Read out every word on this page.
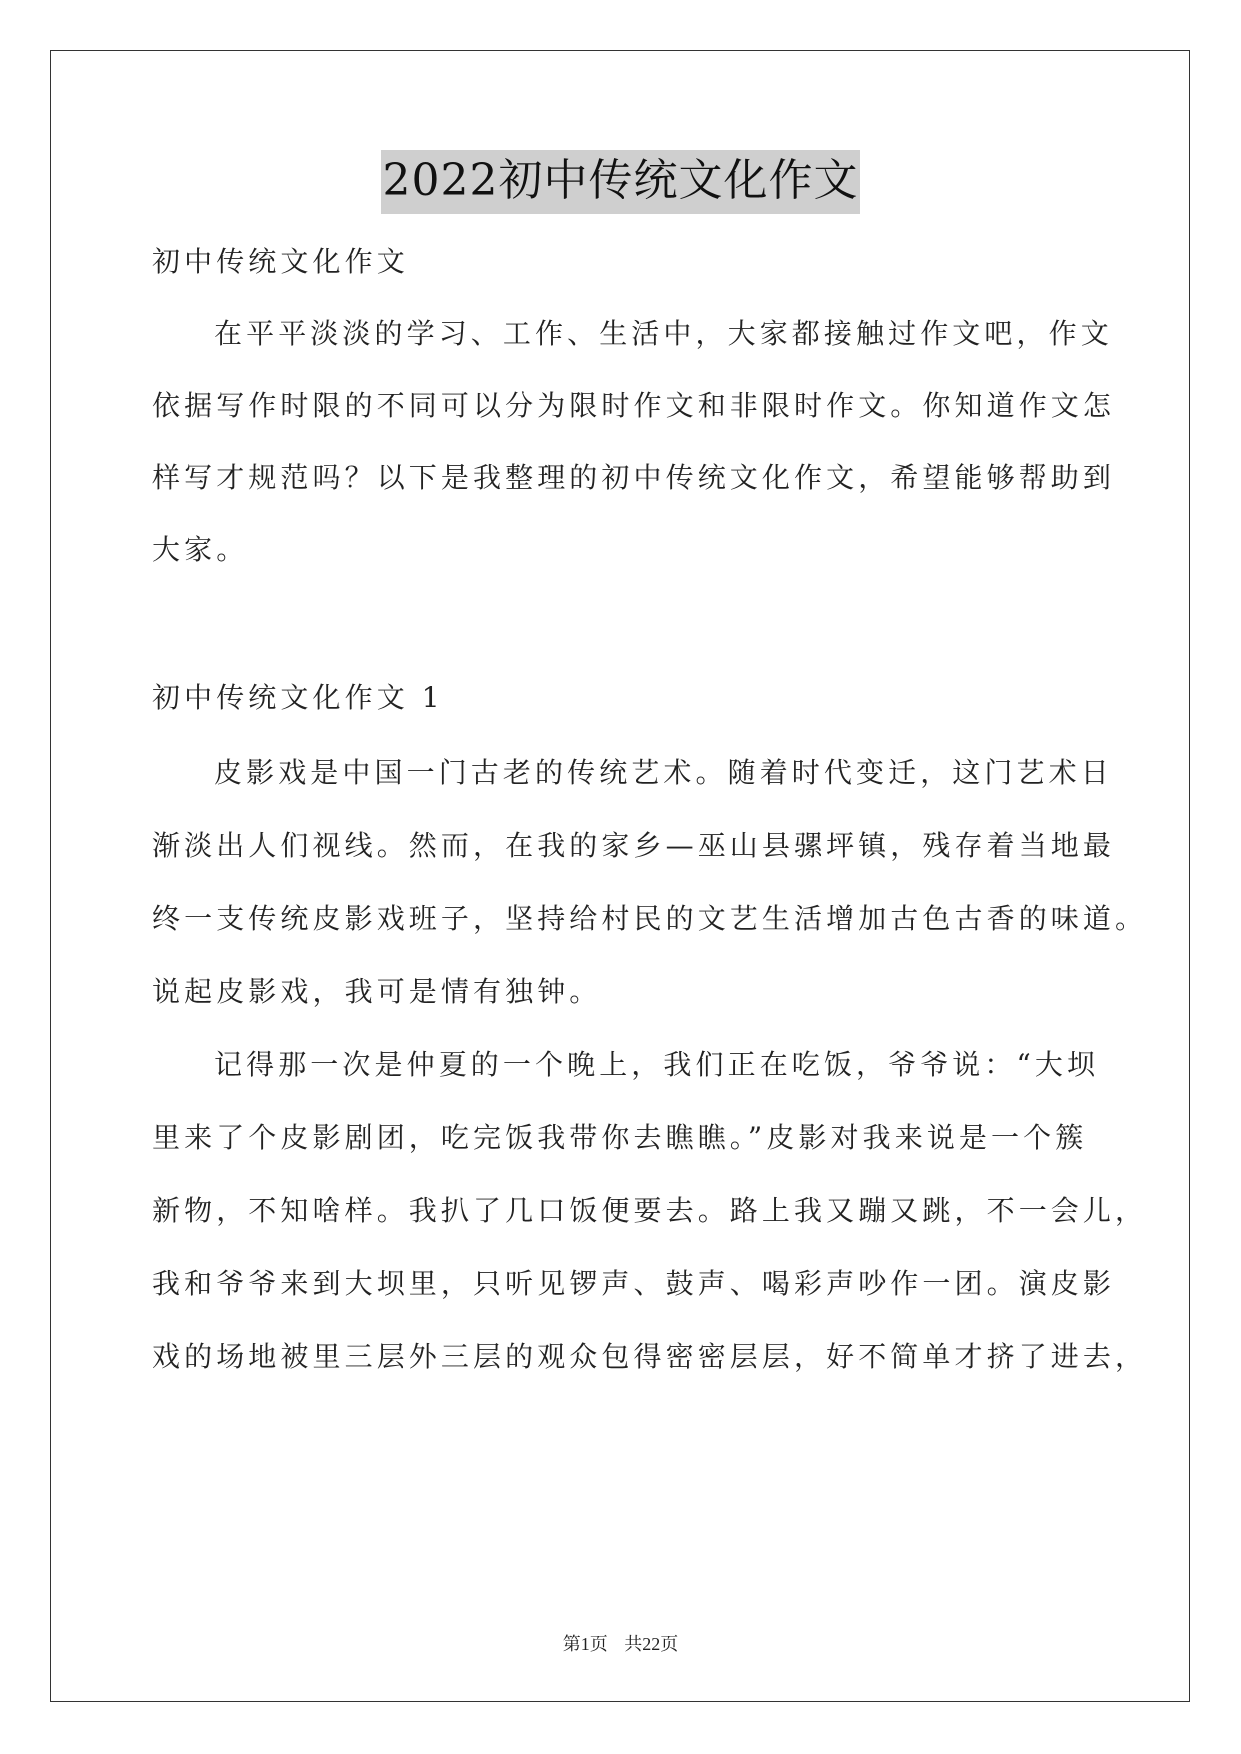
2022初中传统文化作文
初中传统文化作文
在平平淡淡的学习、工作、生活中，大家都接触过作文吧，作文
依据写作时限的不同可以分为限时作文和非限时作文。你知道作文怎
样写才规范吗？以下是我整理的初中传统文化作文，希望能够帮助到
大家。
初中传统文化作文 1
皮影戏是中国一门古老的传统艺术。随着时代变迁，这门艺术日
渐淡出人们视线。然而，在我的家乡—巫山县骡坪镇，残存着当地最
终一支传统皮影戏班子，坚持给村民的文艺生活增加古色古香的味道。
说起皮影戏，我可是情有独钟。
记得那一次是仲夏的一个晚上，我们正在吃饭，爷爷说：“大坝
里来了个皮影剧团，吃完饭我带你去瞧瞧。”皮影对我来说是一个簇
新物，不知啥样。我扒了几口饭便要去。路上我又蹦又跳，不一会儿，
我和爷爷来到大坝里，只听见锣声、鼓声、喝彩声吵作一团。演皮影
戏的场地被里三层外三层的观众包得密密层层，好不简单才挤了进去，
第1页 共22页
